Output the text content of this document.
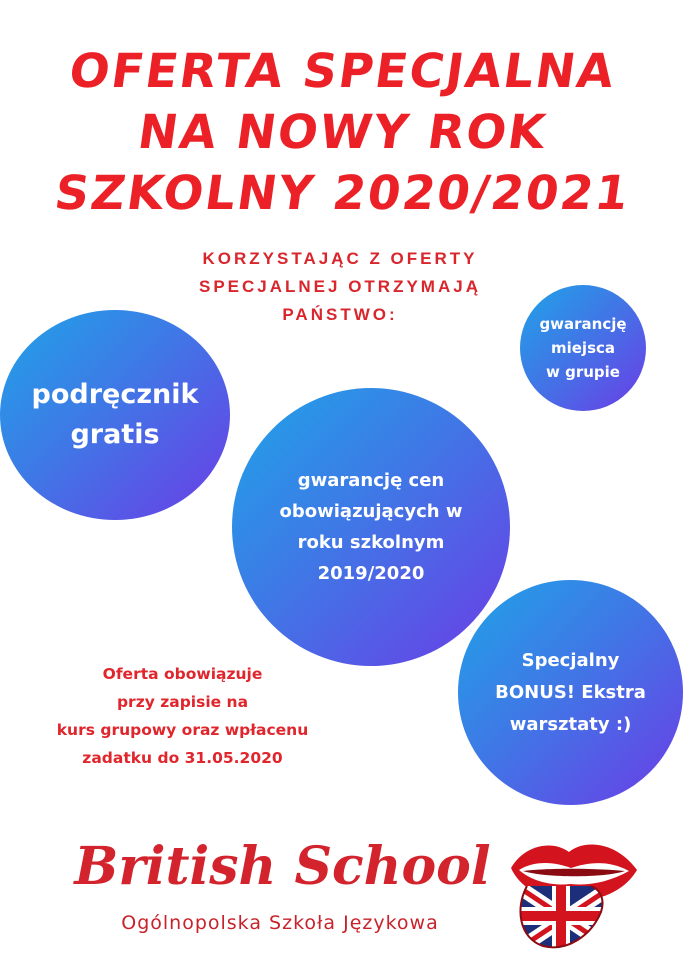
OFERTA SPECJALNA
NA NOWY ROK
SZKOLNY 2020/2021
KORZYSTAJĄC Z OFERTY
SPECJALNEJ OTRZYMAJĄ
PAŃSTWO:
podręcznik
gratis
gwarancję
miejsca
w grupie
gwarancję cen
obowiązujących w
roku szkolnym
2019/2020
Specjalny
BONUS! Ekstra
warsztaty :)
Oferta obowiązuje
przy zapisie na
kurs grupowy oraz wpłacenu
zadatku do 31.05.2020
British School
Ogólnopolska Szkoła Językowa
